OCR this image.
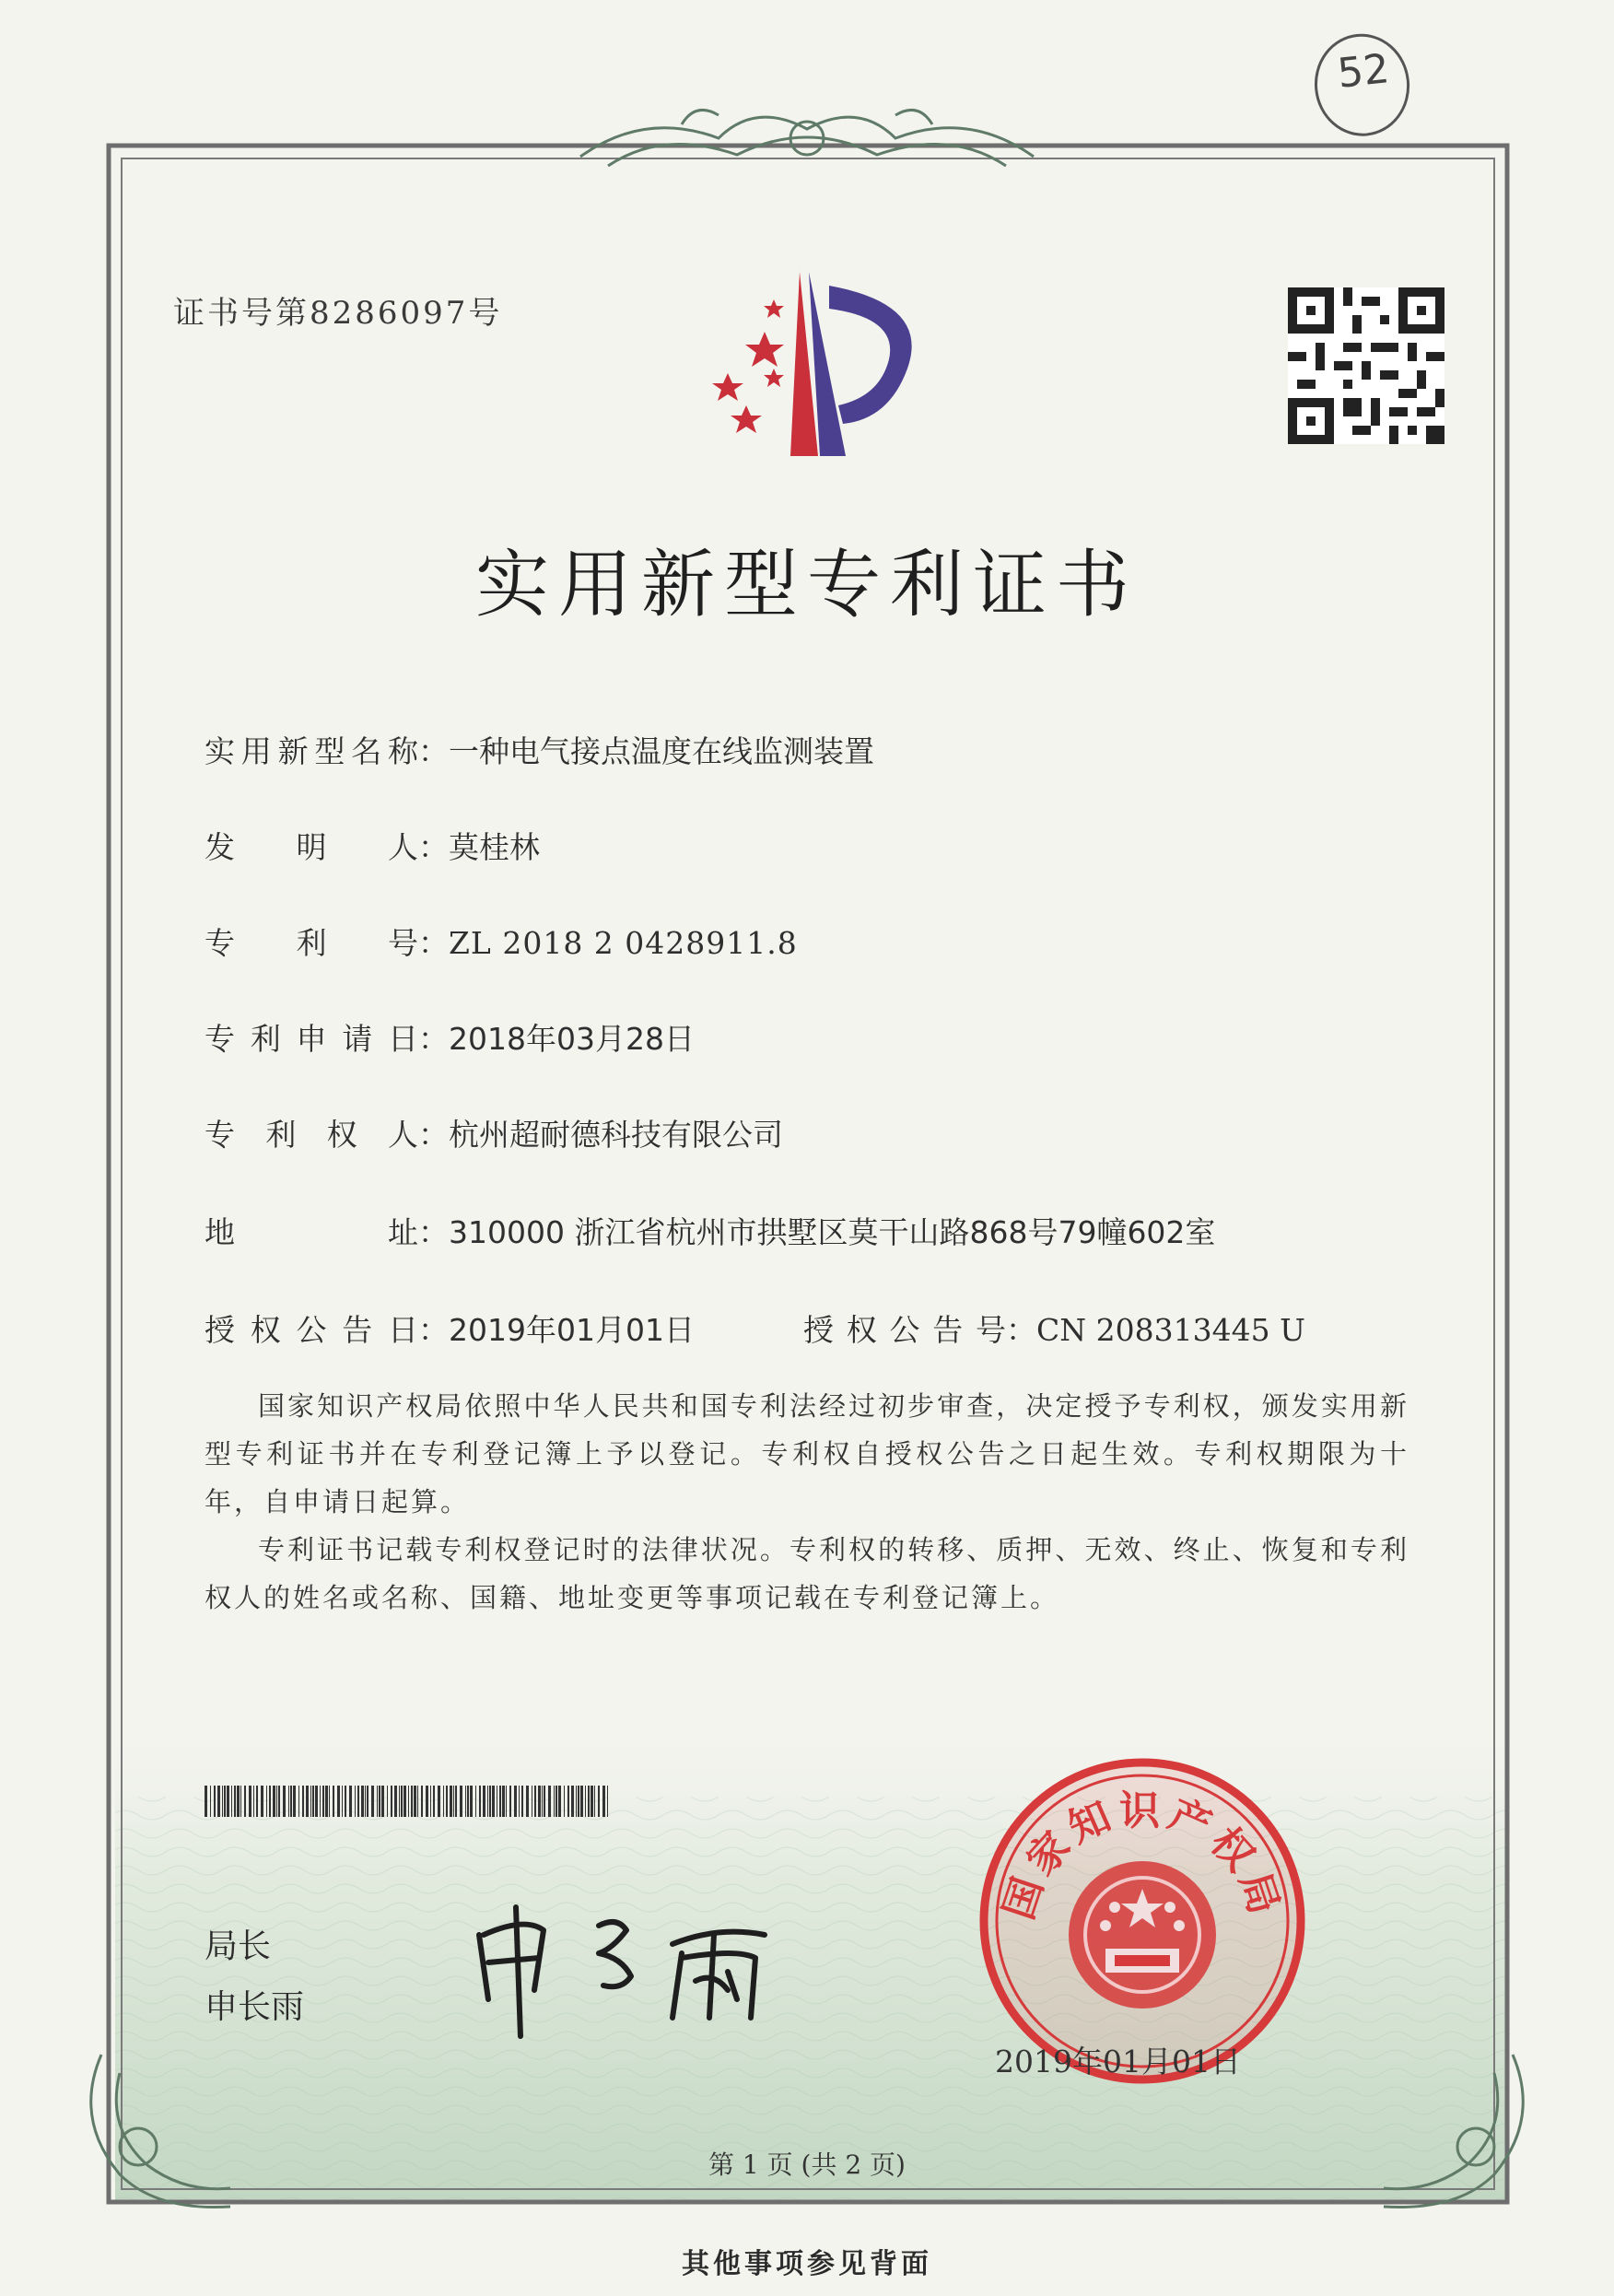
52
证书号第8286097号
实用新型专利证书
实用新型名称：一种电气接点温度在线监测装置
发明人：莫桂林
专利号：ZL 2018 2 0428911.8
专利申请日：2018年03月28日
专利权人：杭州超耐德科技有限公司
地址：310000 浙江省杭州市拱墅区莫干山路868号79幢602室
授权公告日：2019年01月01日	授权公告号：CN 208313445 U
国家知识产权局依照中华人民共和国专利法经过初步审查，决定授予专利权，颁发实用新型专利证书并在专利登记簿上予以登记。专利权自授权公告之日起生效。专利权期限为十年，自申请日起算。
专利证书记载专利权登记时的法律状况。专利权的转移、质押、无效、终止、恢复和专利权人的姓名或名称、国籍、地址变更等事项记载在专利登记簿上。
局长
申长雨
国家知识产权局
2019年01月01日
第 1 页 (共 2 页)
其他事项参见背面
